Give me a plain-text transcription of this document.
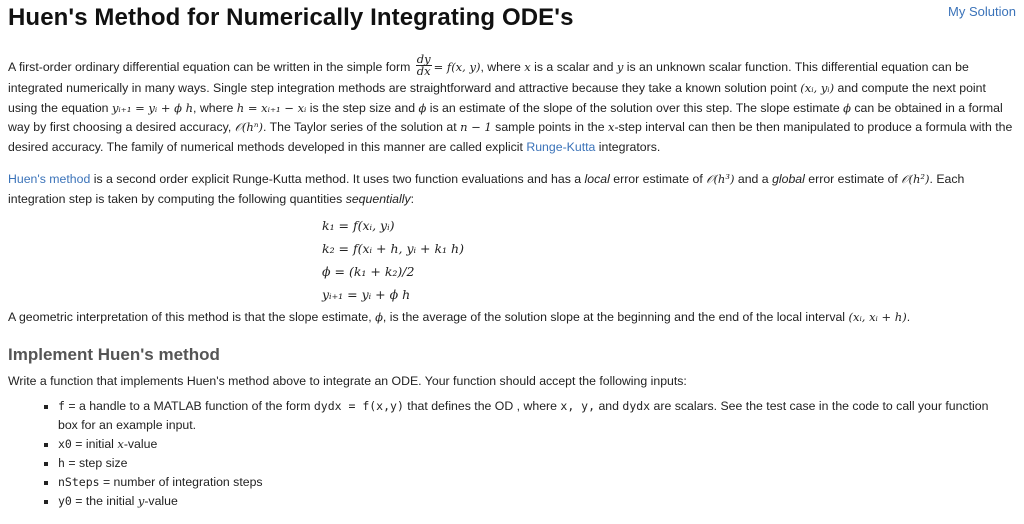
Huen's Method for Numerically Integrating ODE's

A first-order ordinary differential equation can be written in the simple form $\frac{dy}{dx} = f(x$, y), where x is a scalar and y is an unknown scalar function. This differential equation can be integrated numerically in many ways. Single step integration methods are straightforward and attractive because they take a known solution point (xᵢ, yᵢ) and compute the next point using the equation yᵢ₊₁ = yᵢ + ϕ h, where h = xᵢ₊₁ − xᵢ is the step size and ϕ is an estimate of the slope of the solution over this step. The slope estimate ϕ can be obtained in a formal way by first choosing a desired accuracy, 𝒪(hⁿ). The Taylor series of the solution at n − 1 sample points in the x-step interval can then be then manipulated to produce a formula with the desired accuracy. The family of numerical methods developed in this manner are called explicit Runge-Kutta integrators.

Huen's method is a second order explicit Runge-Kutta method. It uses two function evaluations and has a local error estimate of 𝒪(h³) and a global error estimate of 𝒪(h²). Each integration step is taken by computing the following quantities sequentially:

k₁ = f(xᵢ, yᵢ)
k₂ = f(xᵢ + h, yᵢ + k₁ h)
ϕ = (k₁ + k₂)/2
yᵢ₊₁ = yᵢ + ϕ h

A geometric interpretation of this method is that the slope estimate, ϕ, is the average of the solution slope at the beginning and the end of the local interval (xᵢ, xᵢ + h).

Implement Huen's method

Write a function that implements Huen's method above to integrate an ODE. Your function should accept the following inputs:

f = a handle to a MATLAB function of the form dydx = f(x,y) that defines the OD , where x, y, and dydx are scalars. See the test case in the code to call your function box for an example input.
x0 = initial x-value
h = step size
nSteps = number of integration steps
y0 = the initial y-value
My Solution
